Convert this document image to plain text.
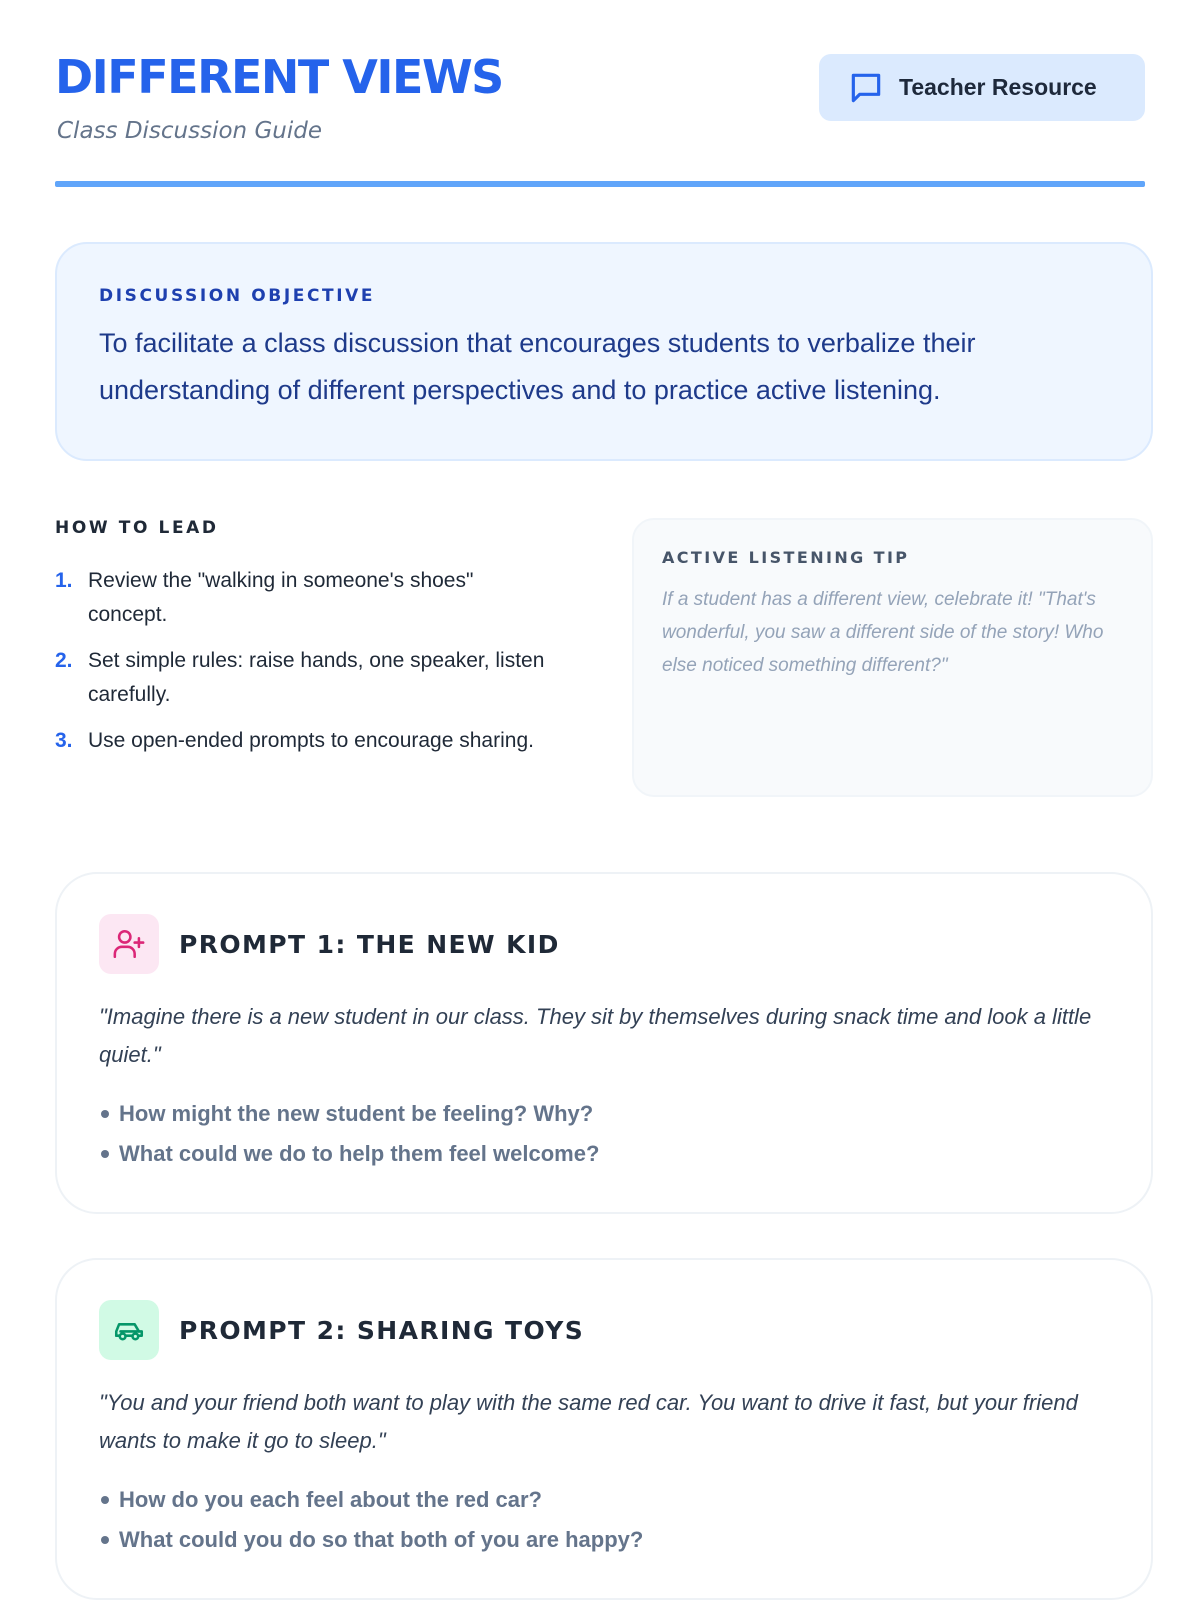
DIFFERENT VIEWS
Class Discussion Guide
Teacher Resource
DISCUSSION OBJECTIVE
To facilitate a class discussion that encourages students to verbalize their understanding of different perspectives and to practice active listening.
HOW TO LEAD
1. Review the "walking in someone's shoes" concept.
2. Set simple rules: raise hands, one speaker, listen carefully.
3. Use open-ended prompts to encourage sharing.
ACTIVE LISTENING TIP
If a student has a different view, celebrate it! "That's wonderful, you saw a different side of the story! Who else noticed something different?"
PROMPT 1: THE NEW KID
"Imagine there is a new student in our class. They sit by themselves during snack time and look a little quiet."
How might the new student be feeling? Why?
What could we do to help them feel welcome?
PROMPT 2: SHARING TOYS
"You and your friend both want to play with the same red car. You want to drive it fast, but your friend wants to make it go to sleep."
How do you each feel about the red car?
What could you do so that both of you are happy?
